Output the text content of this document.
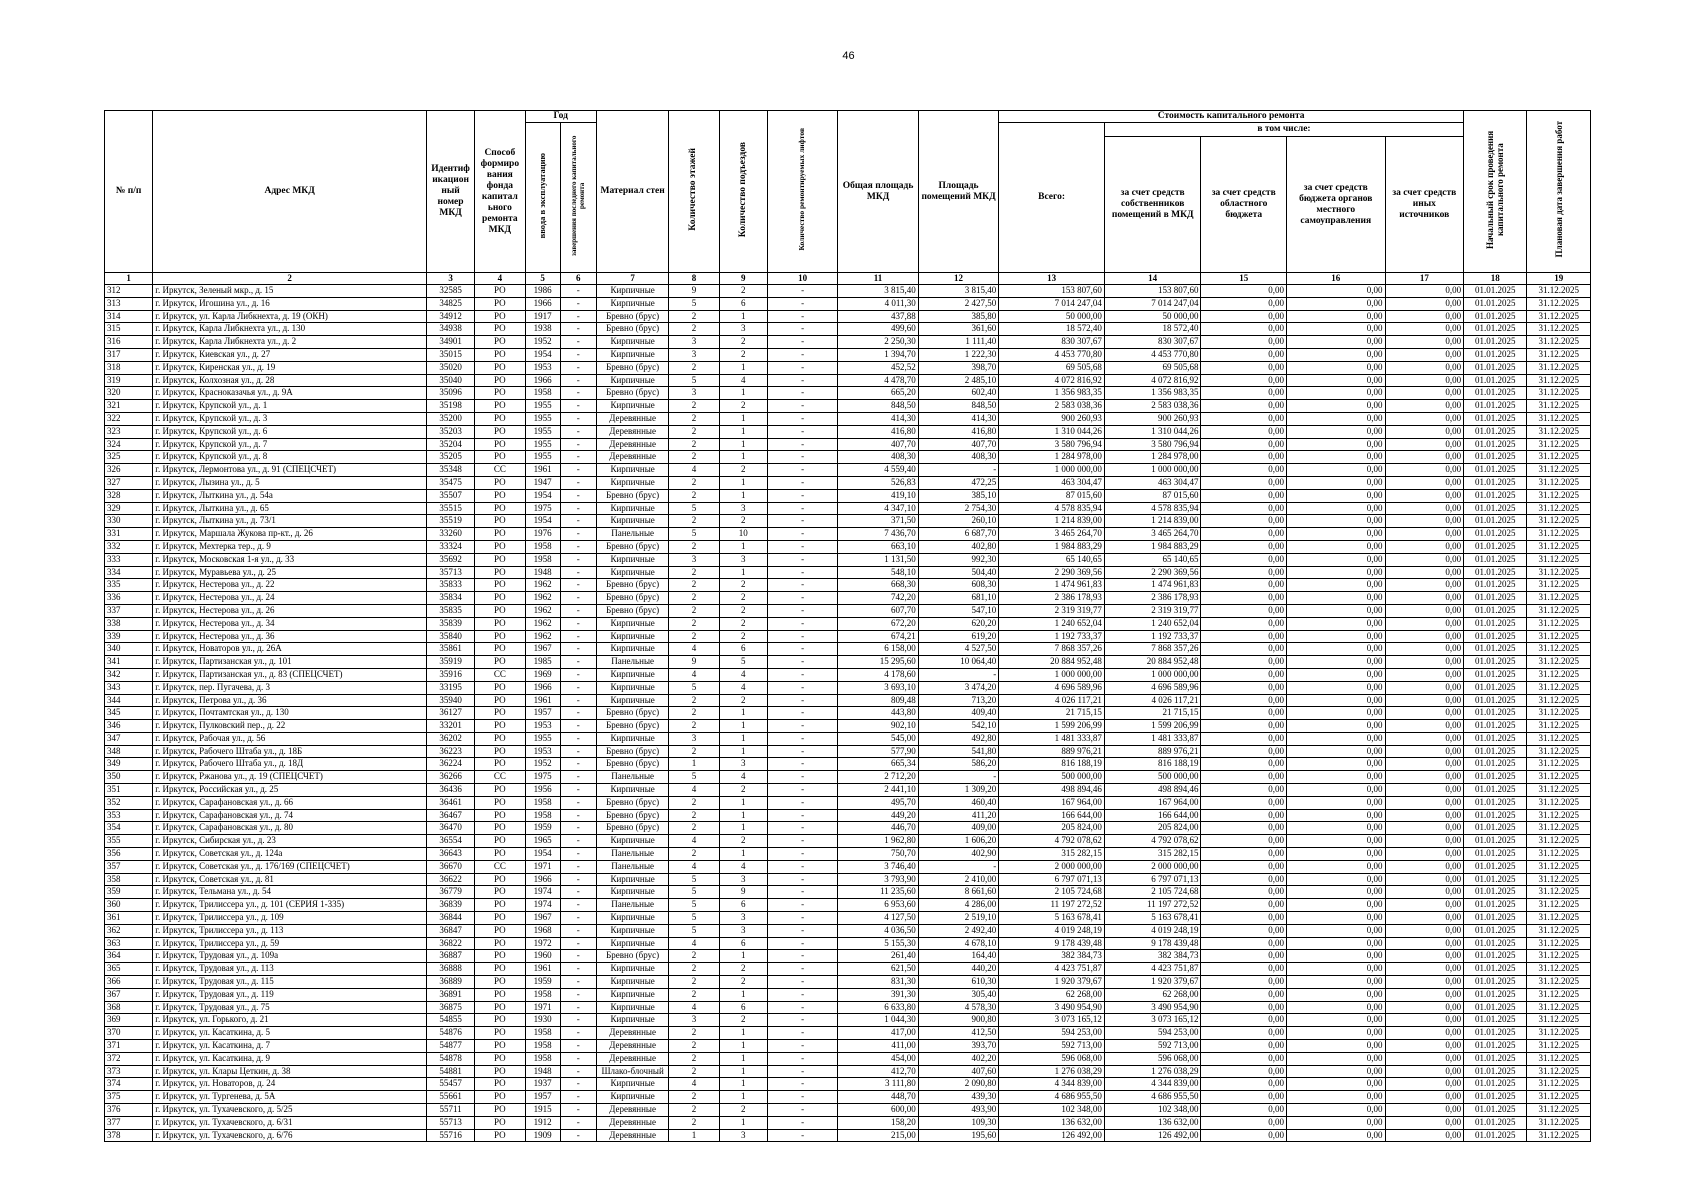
46
№ п/п	Адрес МКД	Идентиф икацион ный номер МКД	Способ формиро вания фонда капитал ьного ремонта МКД	Год		Материал стен	Количество этажей	Количество подъездов	Количество ремонтируемых лифтов	Общая площадь МКД	Площадь помещений МКД	Стоимость капитального ремонта					Начальный срок проведения капитального ремонта	Плановая дата завершения работ
				ввода в эксплуатацию	завершения последнего капитального ремонта							Всего:	в том числе:					
													за счет средств собственников помещений в МКД	за счет средств областного бюджета	за счет средств бюджета органов местного самоуправления	за счет средств иных источников		
1	2	3	4	5	6	7	8	9	10	11	12	13	14	15	16	17	18	19
312	г. Иркутск, Зеленый мкр., д. 15	32585	РО	1986	-	Кирпичные	9	2	-	3 815,40	3 815,40	153 807,60	153 807,60	0,00	0,00	0,00	01.01.2025	31.12.2025
313	г. Иркутск, Игошина ул., д. 16	34825	РО	1966	-	Кирпичные	5	6	-	4 011,30	2 427,50	7 014 247,04	7 014 247,04	0,00	0,00	0,00	01.01.2025	31.12.2025
314	г. Иркутск, ул. Карла Либкнехта, д. 19 (ОКН)	34912	РО	1917	-	Бревно (брус)	2	1	-	437,88	385,80	50 000,00	50 000,00	0,00	0,00	0,00	01.01.2025	31.12.2025
315	г. Иркутск, Карла Либкнехта ул., д. 130	34938	РО	1938	-	Бревно (брус)	2	3	-	499,60	361,60	18 572,40	18 572,40	0,00	0,00	0,00	01.01.2025	31.12.2025
316	г. Иркутск, Карла Либкнехта ул., д. 2	34901	РО	1952	-	Кирпичные	3	2	-	2 250,30	1 111,40	830 307,67	830 307,67	0,00	0,00	0,00	01.01.2025	31.12.2025
317	г. Иркутск, Киевская ул., д. 27	35015	РО	1954	-	Кирпичные	3	2	-	1 394,70	1 222,30	4 453 770,80	4 453 770,80	0,00	0,00	0,00	01.01.2025	31.12.2025
318	г. Иркутск, Киренская ул., д. 19	35020	РО	1953	-	Бревно (брус)	2	1	-	452,52	398,70	69 505,68	69 505,68	0,00	0,00	0,00	01.01.2025	31.12.2025
319	г. Иркутск, Колхозная ул., д. 28	35040	РО	1966	-	Кирпичные	5	4	-	4 478,70	2 485,10	4 072 816,92	4 072 816,92	0,00	0,00	0,00	01.01.2025	31.12.2025
320	г. Иркутск, Красноказачья ул., д. 9А	35096	РО	1958	-	Бревно (брус)	3	1	-	665,20	602,40	1 356 983,35	1 356 983,35	0,00	0,00	0,00	01.01.2025	31.12.2025
321	г. Иркутск, Крупской ул., д. 1	35198	РО	1955	-	Кирпичные	2	2	-	848,50	848,50	2 583 038,36	2 583 038,36	0,00	0,00	0,00	01.01.2025	31.12.2025
322	г. Иркутск, Крупской ул., д. 3	35200	РО	1955	-	Деревянные	2	1	-	414,30	414,30	900 260,93	900 260,93	0,00	0,00	0,00	01.01.2025	31.12.2025
323	г. Иркутск, Крупской ул., д. 6	35203	РО	1955	-	Деревянные	2	1	-	416,80	416,80	1 310 044,26	1 310 044,26	0,00	0,00	0,00	01.01.2025	31.12.2025
324	г. Иркутск, Крупской ул., д. 7	35204	РО	1955	-	Деревянные	2	1	-	407,70	407,70	3 580 796,94	3 580 796,94	0,00	0,00	0,00	01.01.2025	31.12.2025
325	г. Иркутск, Крупской ул., д. 8	35205	РО	1955	-	Деревянные	2	1	-	408,30	408,30	1 284 978,00	1 284 978,00	0,00	0,00	0,00	01.01.2025	31.12.2025
326	г. Иркутск, Лермонтова ул., д. 91 (СПЕЦСЧЕТ)	35348	СС	1961	-	Кирпичные	4	2	-	4 559,40	-	1 000 000,00	1 000 000,00	0,00	0,00	0,00	01.01.2025	31.12.2025
327	г. Иркутск, Лызина ул., д. 5	35475	РО	1947	-	Кирпичные	2	1	-	526,83	472,25	463 304,47	463 304,47	0,00	0,00	0,00	01.01.2025	31.12.2025
328	г. Иркутск, Лыткина ул., д. 54а	35507	РО	1954	-	Бревно (брус)	2	1	-	419,10	385,10	87 015,60	87 015,60	0,00	0,00	0,00	01.01.2025	31.12.2025
329	г. Иркутск, Лыткина ул., д. 65	35515	РО	1975	-	Кирпичные	5	3	-	4 347,10	2 754,30	4 578 835,94	4 578 835,94	0,00	0,00	0,00	01.01.2025	31.12.2025
330	г. Иркутск, Лыткина ул., д. 73/1	35519	РО	1954	-	Кирпичные	2	2	-	371,50	260,10	1 214 839,00	1 214 839,00	0,00	0,00	0,00	01.01.2025	31.12.2025
331	г. Иркутск, Маршала Жукова пр-кт., д. 26	33260	РО	1976	-	Панельные	5	10	-	7 436,70	6 687,70	3 465 264,70	3 465 264,70	0,00	0,00	0,00	01.01.2025	31.12.2025
332	г. Иркутск, Мехтерка тер., д. 9	33324	РО	1958	-	Бревно (брус)	2	1	-	663,10	402,80	1 984 883,29	1 984 883,29	0,00	0,00	0,00	01.01.2025	31.12.2025
333	г. Иркутск, Московская 1-я ул., д. 33	35692	РО	1958	-	Кирпичные	3	3	-	1 131,50	992,30	65 140,65	65 140,65	0,00	0,00	0,00	01.01.2025	31.12.2025
334	г. Иркутск, Муравьева ул., д. 25	35713	РО	1948	-	Кирпичные	2	1	-	548,10	504,40	2 290 369,56	2 290 369,56	0,00	0,00	0,00	01.01.2025	31.12.2025
335	г. Иркутск, Нестерова ул., д. 22	35833	РО	1962	-	Бревно (брус)	2	2	-	668,30	608,30	1 474 961,83	1 474 961,83	0,00	0,00	0,00	01.01.2025	31.12.2025
336	г. Иркутск, Нестерова ул., д. 24	35834	РО	1962	-	Бревно (брус)	2	2	-	742,20	681,10	2 386 178,93	2 386 178,93	0,00	0,00	0,00	01.01.2025	31.12.2025
337	г. Иркутск, Нестерова ул., д. 26	35835	РО	1962	-	Бревно (брус)	2	2	-	607,70	547,10	2 319 319,77	2 319 319,77	0,00	0,00	0,00	01.01.2025	31.12.2025
338	г. Иркутск, Нестерова ул., д. 34	35839	РО	1962	-	Кирпичные	2	2	-	672,20	620,20	1 240 652,04	1 240 652,04	0,00	0,00	0,00	01.01.2025	31.12.2025
339	г. Иркутск, Нестерова ул., д. 36	35840	РО	1962	-	Кирпичные	2	2	-	674,21	619,20	1 192 733,37	1 192 733,37	0,00	0,00	0,00	01.01.2025	31.12.2025
340	г. Иркутск, Новаторов ул., д. 26А	35861	РО	1967	-	Кирпичные	4	6	-	6 158,00	4 527,50	7 868 357,26	7 868 357,26	0,00	0,00	0,00	01.01.2025	31.12.2025
341	г. Иркутск, Партизанская ул., д. 101	35919	РО	1985	-	Панельные	9	5	-	15 295,60	10 064,40	20 884 952,48	20 884 952,48	0,00	0,00	0,00	01.01.2025	31.12.2025
342	г. Иркутск, Партизанская ул., д. 83 (СПЕЦСЧЕТ)	35916	СС	1969	-	Кирпичные	4	4	-	4 178,60	-	1 000 000,00	1 000 000,00	0,00	0,00	0,00	01.01.2025	31.12.2025
343	г. Иркутск, пер. Пугачева, д. 3	33195	РО	1966	-	Кирпичные	5	4	-	3 693,10	3 474,20	4 696 589,96	4 696 589,96	0,00	0,00	0,00	01.01.2025	31.12.2025
344	г. Иркутск, Петрова ул., д. 36	35940	РО	1961	-	Кирпичные	2	2	-	809,48	713,20	4 026 117,21	4 026 117,21	0,00	0,00	0,00	01.01.2025	31.12.2025
345	г. Иркутск, Почтамтская ул., д. 130	36127	РО	1957	-	Бревно (брус)	2	1	-	443,80	409,40	21 715,15	21 715,15	0,00	0,00	0,00	01.01.2025	31.12.2025
346	г. Иркутск, Пулковский пер., д. 22	33201	РО	1953	-	Бревно (брус)	2	1	-	902,10	542,10	1 599 206,99	1 599 206,99	0,00	0,00	0,00	01.01.2025	31.12.2025
347	г. Иркутск, Рабочая ул., д. 56	36202	РО	1955	-	Кирпичные	3	1	-	545,00	492,80	1 481 333,87	1 481 333,87	0,00	0,00	0,00	01.01.2025	31.12.2025
348	г. Иркутск, Рабочего Штаба ул., д. 18Б	36223	РО	1953	-	Бревно (брус)	2	1	-	577,90	541,80	889 976,21	889 976,21	0,00	0,00	0,00	01.01.2025	31.12.2025
349	г. Иркутск, Рабочего Штаба ул., д. 18Д	36224	РО	1952	-	Бревно (брус)	1	3	-	665,34	586,20	816 188,19	816 188,19	0,00	0,00	0,00	01.01.2025	31.12.2025
350	г. Иркутск, Ржанова ул., д. 19 (СПЕЦСЧЕТ)	36266	СС	1975	-	Панельные	5	4	-	2 712,20	-	500 000,00	500 000,00	0,00	0,00	0,00	01.01.2025	31.12.2025
351	г. Иркутск, Российская ул., д. 25	36436	РО	1956	-	Кирпичные	4	2	-	2 441,10	1 309,20	498 894,46	498 894,46	0,00	0,00	0,00	01.01.2025	31.12.2025
352	г. Иркутск, Сарафановская ул., д. 66	36461	РО	1958	-	Бревно (брус)	2	1	-	495,70	460,40	167 964,00	167 964,00	0,00	0,00	0,00	01.01.2025	31.12.2025
353	г. Иркутск, Сарафановская ул., д. 74	36467	РО	1958	-	Бревно (брус)	2	1	-	449,20	411,20	166 644,00	166 644,00	0,00	0,00	0,00	01.01.2025	31.12.2025
354	г. Иркутск, Сарафановская ул., д. 80	36470	РО	1959	-	Бревно (брус)	2	1	-	446,70	409,00	205 824,00	205 824,00	0,00	0,00	0,00	01.01.2025	31.12.2025
355	г. Иркутск, Сибирская ул., д. 23	36554	РО	1965	-	Кирпичные	4	2	-	1 962,80	1 606,20	4 792 078,62	4 792 078,62	0,00	0,00	0,00	01.01.2025	31.12.2025
356	г. Иркутск, Советская ул., д. 124а	36643	РО	1954	-	Панельные	2	1	-	750,70	402,90	315 282,15	315 282,15	0,00	0,00	0,00	01.01.2025	31.12.2025
357	г. Иркутск, Советская ул., д. 176/169 (СПЕЦСЧЕТ)	36670	СС	1971	-	Панельные	4	4	-	3 746,40	-	2 000 000,00	2 000 000,00	0,00	0,00	0,00	01.01.2025	31.12.2025
358	г. Иркутск, Советская ул., д. 81	36622	РО	1966	-	Кирпичные	5	3	-	3 793,90	2 410,00	6 797 071,13	6 797 071,13	0,00	0,00	0,00	01.01.2025	31.12.2025
359	г. Иркутск, Тельмана ул., д. 54	36779	РО	1974	-	Кирпичные	5	9	-	11 235,60	8 661,60	2 105 724,68	2 105 724,68	0,00	0,00	0,00	01.01.2025	31.12.2025
360	г. Иркутск, Трилиссера ул., д. 101 (СЕРИЯ 1-335)	36839	РО	1974	-	Панельные	5	6	-	6 953,60	4 286,00	11 197 272,52	11 197 272,52	0,00	0,00	0,00	01.01.2025	31.12.2025
361	г. Иркутск, Трилиссера ул., д. 109	36844	РО	1967	-	Кирпичные	5	3	-	4 127,50	2 519,10	5 163 678,41	5 163 678,41	0,00	0,00	0,00	01.01.2025	31.12.2025
362	г. Иркутск, Трилиссера ул., д. 113	36847	РО	1968	-	Кирпичные	5	3	-	4 036,50	2 492,40	4 019 248,19	4 019 248,19	0,00	0,00	0,00	01.01.2025	31.12.2025
363	г. Иркутск, Трилиссера ул., д. 59	36822	РО	1972	-	Кирпичные	4	6	-	5 155,30	4 678,10	9 178 439,48	9 178 439,48	0,00	0,00	0,00	01.01.2025	31.12.2025
364	г. Иркутск, Трудовая ул., д. 109а	36887	РО	1960	-	Бревно (брус)	2	1	-	261,40	164,40	382 384,73	382 384,73	0,00	0,00	0,00	01.01.2025	31.12.2025
365	г. Иркутск, Трудовая ул., д. 113	36888	РО	1961	-	Кирпичные	2	2	-	621,50	440,20	4 423 751,87	4 423 751,87	0,00	0,00	0,00	01.01.2025	31.12.2025
366	г. Иркутск, Трудовая ул., д. 115	36889	РО	1959	-	Кирпичные	2	2	-	831,30	610,30	1 920 379,67	1 920 379,67	0,00	0,00	0,00	01.01.2025	31.12.2025
367	г. Иркутск, Трудовая ул., д. 119	36891	РО	1958	-	Кирпичные	2	1	-	391,30	305,40	62 268,00	62 268,00	0,00	0,00	0,00	01.01.2025	31.12.2025
368	г. Иркутск, Трудовая ул., д. 75	36875	РО	1971	-	Кирпичные	4	6	-	6 633,80	4 578,30	3 490 954,90	3 490 954,90	0,00	0,00	0,00	01.01.2025	31.12.2025
369	г. Иркутск, ул. Горького, д. 21	54855	РО	1930	-	Кирпичные	3	2	-	1 044,30	900,80	3 073 165,12	3 073 165,12	0,00	0,00	0,00	01.01.2025	31.12.2025
370	г. Иркутск, ул. Касаткина, д. 5	54876	РО	1958	-	Деревянные	2	1	-	417,00	412,50	594 253,00	594 253,00	0,00	0,00	0,00	01.01.2025	31.12.2025
371	г. Иркутск, ул. Касаткина, д. 7	54877	РО	1958	-	Деревянные	2	1	-	411,00	393,70	592 713,00	592 713,00	0,00	0,00	0,00	01.01.2025	31.12.2025
372	г. Иркутск, ул. Касаткина, д. 9	54878	РО	1958	-	Деревянные	2	1	-	454,00	402,20	596 068,00	596 068,00	0,00	0,00	0,00	01.01.2025	31.12.2025
373	г. Иркутск, ул. Клары Цеткин, д. 38	54881	РО	1948	-	Шлако-блочный	2	1	-	412,70	407,60	1 276 038,29	1 276 038,29	0,00	0,00	0,00	01.01.2025	31.12.2025
374	г. Иркутск, ул. Новаторов, д. 24	55457	РО	1937	-	Кирпичные	4	1	-	3 111,80	2 090,80	4 344 839,00	4 344 839,00	0,00	0,00	0,00	01.01.2025	31.12.2025
375	г. Иркутск, ул. Тургенева, д. 5А	55661	РО	1957	-	Кирпичные	2	1	-	448,70	439,30	4 686 955,50	4 686 955,50	0,00	0,00	0,00	01.01.2025	31.12.2025
376	г. Иркутск, ул. Тухачевского, д. 5/25	55711	РО	1915	-	Деревянные	2	2	-	600,00	493,90	102 348,00	102 348,00	0,00	0,00	0,00	01.01.2025	31.12.2025
377	г. Иркутск, ул. Тухачевского, д. 6/31	55713	РО	1912	-	Деревянные	2	1	-	158,20	109,30	136 632,00	136 632,00	0,00	0,00	0,00	01.01.2025	31.12.2025
378	г. Иркутск, ул. Тухачевского, д. 6/76	55716	РО	1909	-	Деревянные	1	3	-	215,00	195,60	126 492,00	126 492,00	0,00	0,00	0,00	01.01.2025	31.12.2025
